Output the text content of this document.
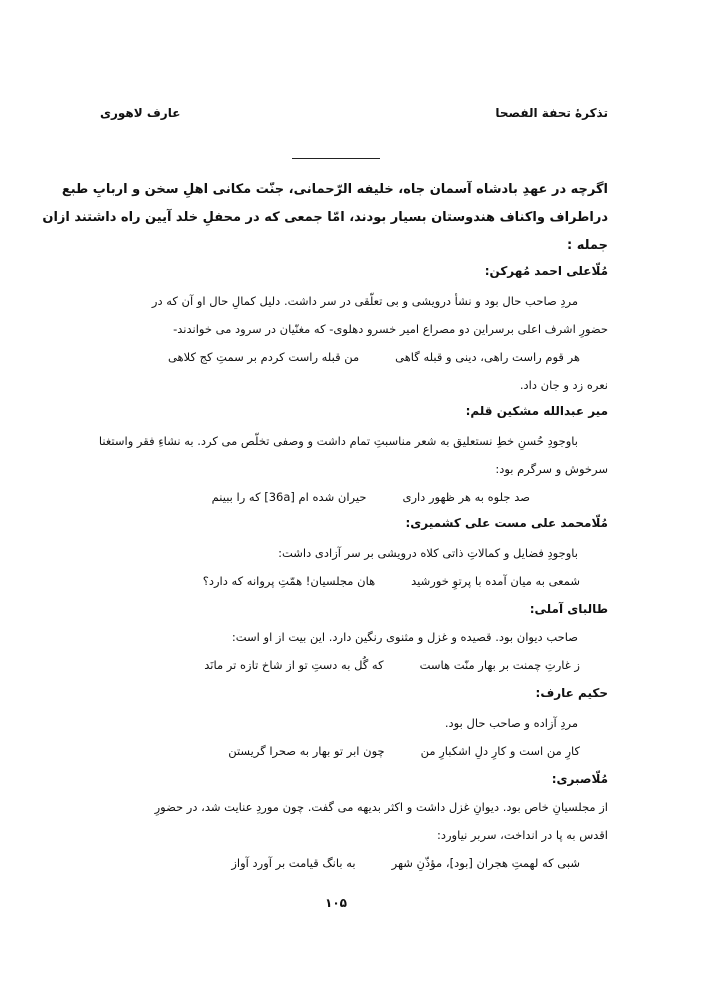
تذکرۀ تحفة الفصحا
عارف لاهوری
اگرچه در عهدِ بادشاه آسمان جاه، خلیفه الرّحمانی، جنّت مکانی اهلِ سخن و اربابِ طبع
دراطراف واکناف هندوستان بسیار بودند، امّا جمعی که در محفلِ خلد آیین راه داشتند ازان
جمله :
مُلّاعلی احمد مُهرکن:
مردِ صاحب حال بود و نشأ درویشی و بی تعلّقی در سر داشت. دلیل کمالِ حال او آن که در
حضورِ اشرف اعلی برسراین دو مصراع امیر خسرو دهلوی- که مغنّیان در سرود می خواندند-
هر قوم راست راهی، دینی و قبله گاهیمن قبله راست کردم بر سمتِ کج کلاهی
نعره زد و جان داد.
میر عبدالله مشکین قلم:
باوجودِ حُسنِ خطِ نستعلیق به شعر مناسبتِ تمام داشت و وصفی تخلّص می کرد. به نشاءِ فقر واستغنا
سرخوش و سرگرم بود:
صد جلوه به هر ظهور داریحیران شده ام [36a] که را ببینم
مُلّامحمد علی مست علی کشمیری:
باوجودِ فضایل و کمالاتِ ذاتی کلاه درویشی بر سر آزادی داشت:
شمعی به میان آمده با پرتوِ خورشیدهان مجلسیان! همّتِ پروانه که دارد؟
طالبای آملی:
صاحب دیوان بود. قصیده و غزل و مثنوی رنگین دارد. این بیت از او است:
ز غارتِ چمنت بر بهار منّت هاستکه گُل به دستِ تو از شاخ تازه تر مانَد
حکیم عارف:
مردِ آزاده و صاحب حال بود.
کارِ من است و کارِ دلِ اشکبارِ منچون ابر تو بهار به صحرا گریستن
مُلّاصبری:
از مجلسیانِ خاص بود. دیوانِ غزل داشت و اکثر بدیهه می گفت. چون موردِ عنایت شد، در حضورِ
اقدس به پا در انداخت، سربر نیاورد:
شبی که لهمتِ هجران [بود]، مؤذّنِ شهربه بانگ قیامت بر آورد آواز
۱۰۵
